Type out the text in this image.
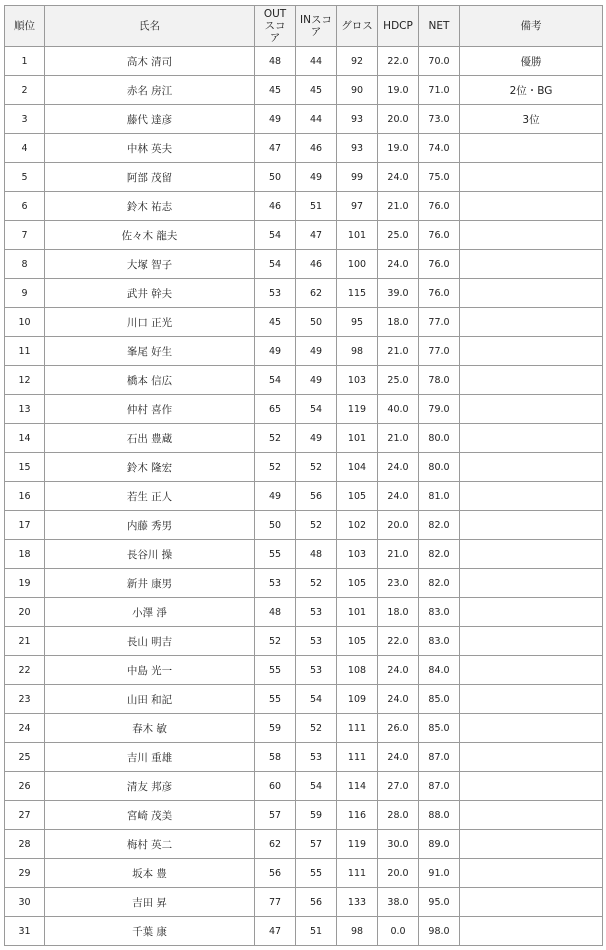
順位	氏名	OUTスコア	INスコア	グロス	HDCP	NET	備考
1	高木 清司	48	44	92	22.0	70.0	優勝
2	赤名 房江	45	45	90	19.0	71.0	2位・BG
3	藤代 達彦	49	44	93	20.0	73.0	3位
4	中林 英夫	47	46	93	19.0	74.0	
5	阿部 茂留	50	49	99	24.0	75.0	
6	鈴木 祐志	46	51	97	21.0	76.0	
7	佐々木 龍夫	54	47	101	25.0	76.0	
8	大塚 智子	54	46	100	24.0	76.0	
9	武井 幹夫	53	62	115	39.0	76.0	
10	川口 正光	45	50	95	18.0	77.0	
11	峯尾 好生	49	49	98	21.0	77.0	
12	橋本 信広	54	49	103	25.0	78.0	
13	仲村 喜作	65	54	119	40.0	79.0	
14	石出 豊蔵	52	49	101	21.0	80.0	
15	鈴木 隆宏	52	52	104	24.0	80.0	
16	若生 正人	49	56	105	24.0	81.0	
17	内藤 秀男	50	52	102	20.0	82.0	
18	長谷川 操	55	48	103	21.0	82.0	
19	新井 康男	53	52	105	23.0	82.0	
20	小澤 淨	48	53	101	18.0	83.0	
21	長山 明吉	52	53	105	22.0	83.0	
22	中島 光一	55	53	108	24.0	84.0	
23	山田 和記	55	54	109	24.0	85.0	
24	春木 敏	59	52	111	26.0	85.0	
25	吉川 重雄	58	53	111	24.0	87.0	
26	清友 邦彦	60	54	114	27.0	87.0	
27	宮崎 茂美	57	59	116	28.0	88.0	
28	梅村 英二	62	57	119	30.0	89.0	
29	坂本 豊	56	55	111	20.0	91.0	
30	吉田 昇	77	56	133	38.0	95.0	
31	千葉 康	47	51	98	0.0	98.0	
